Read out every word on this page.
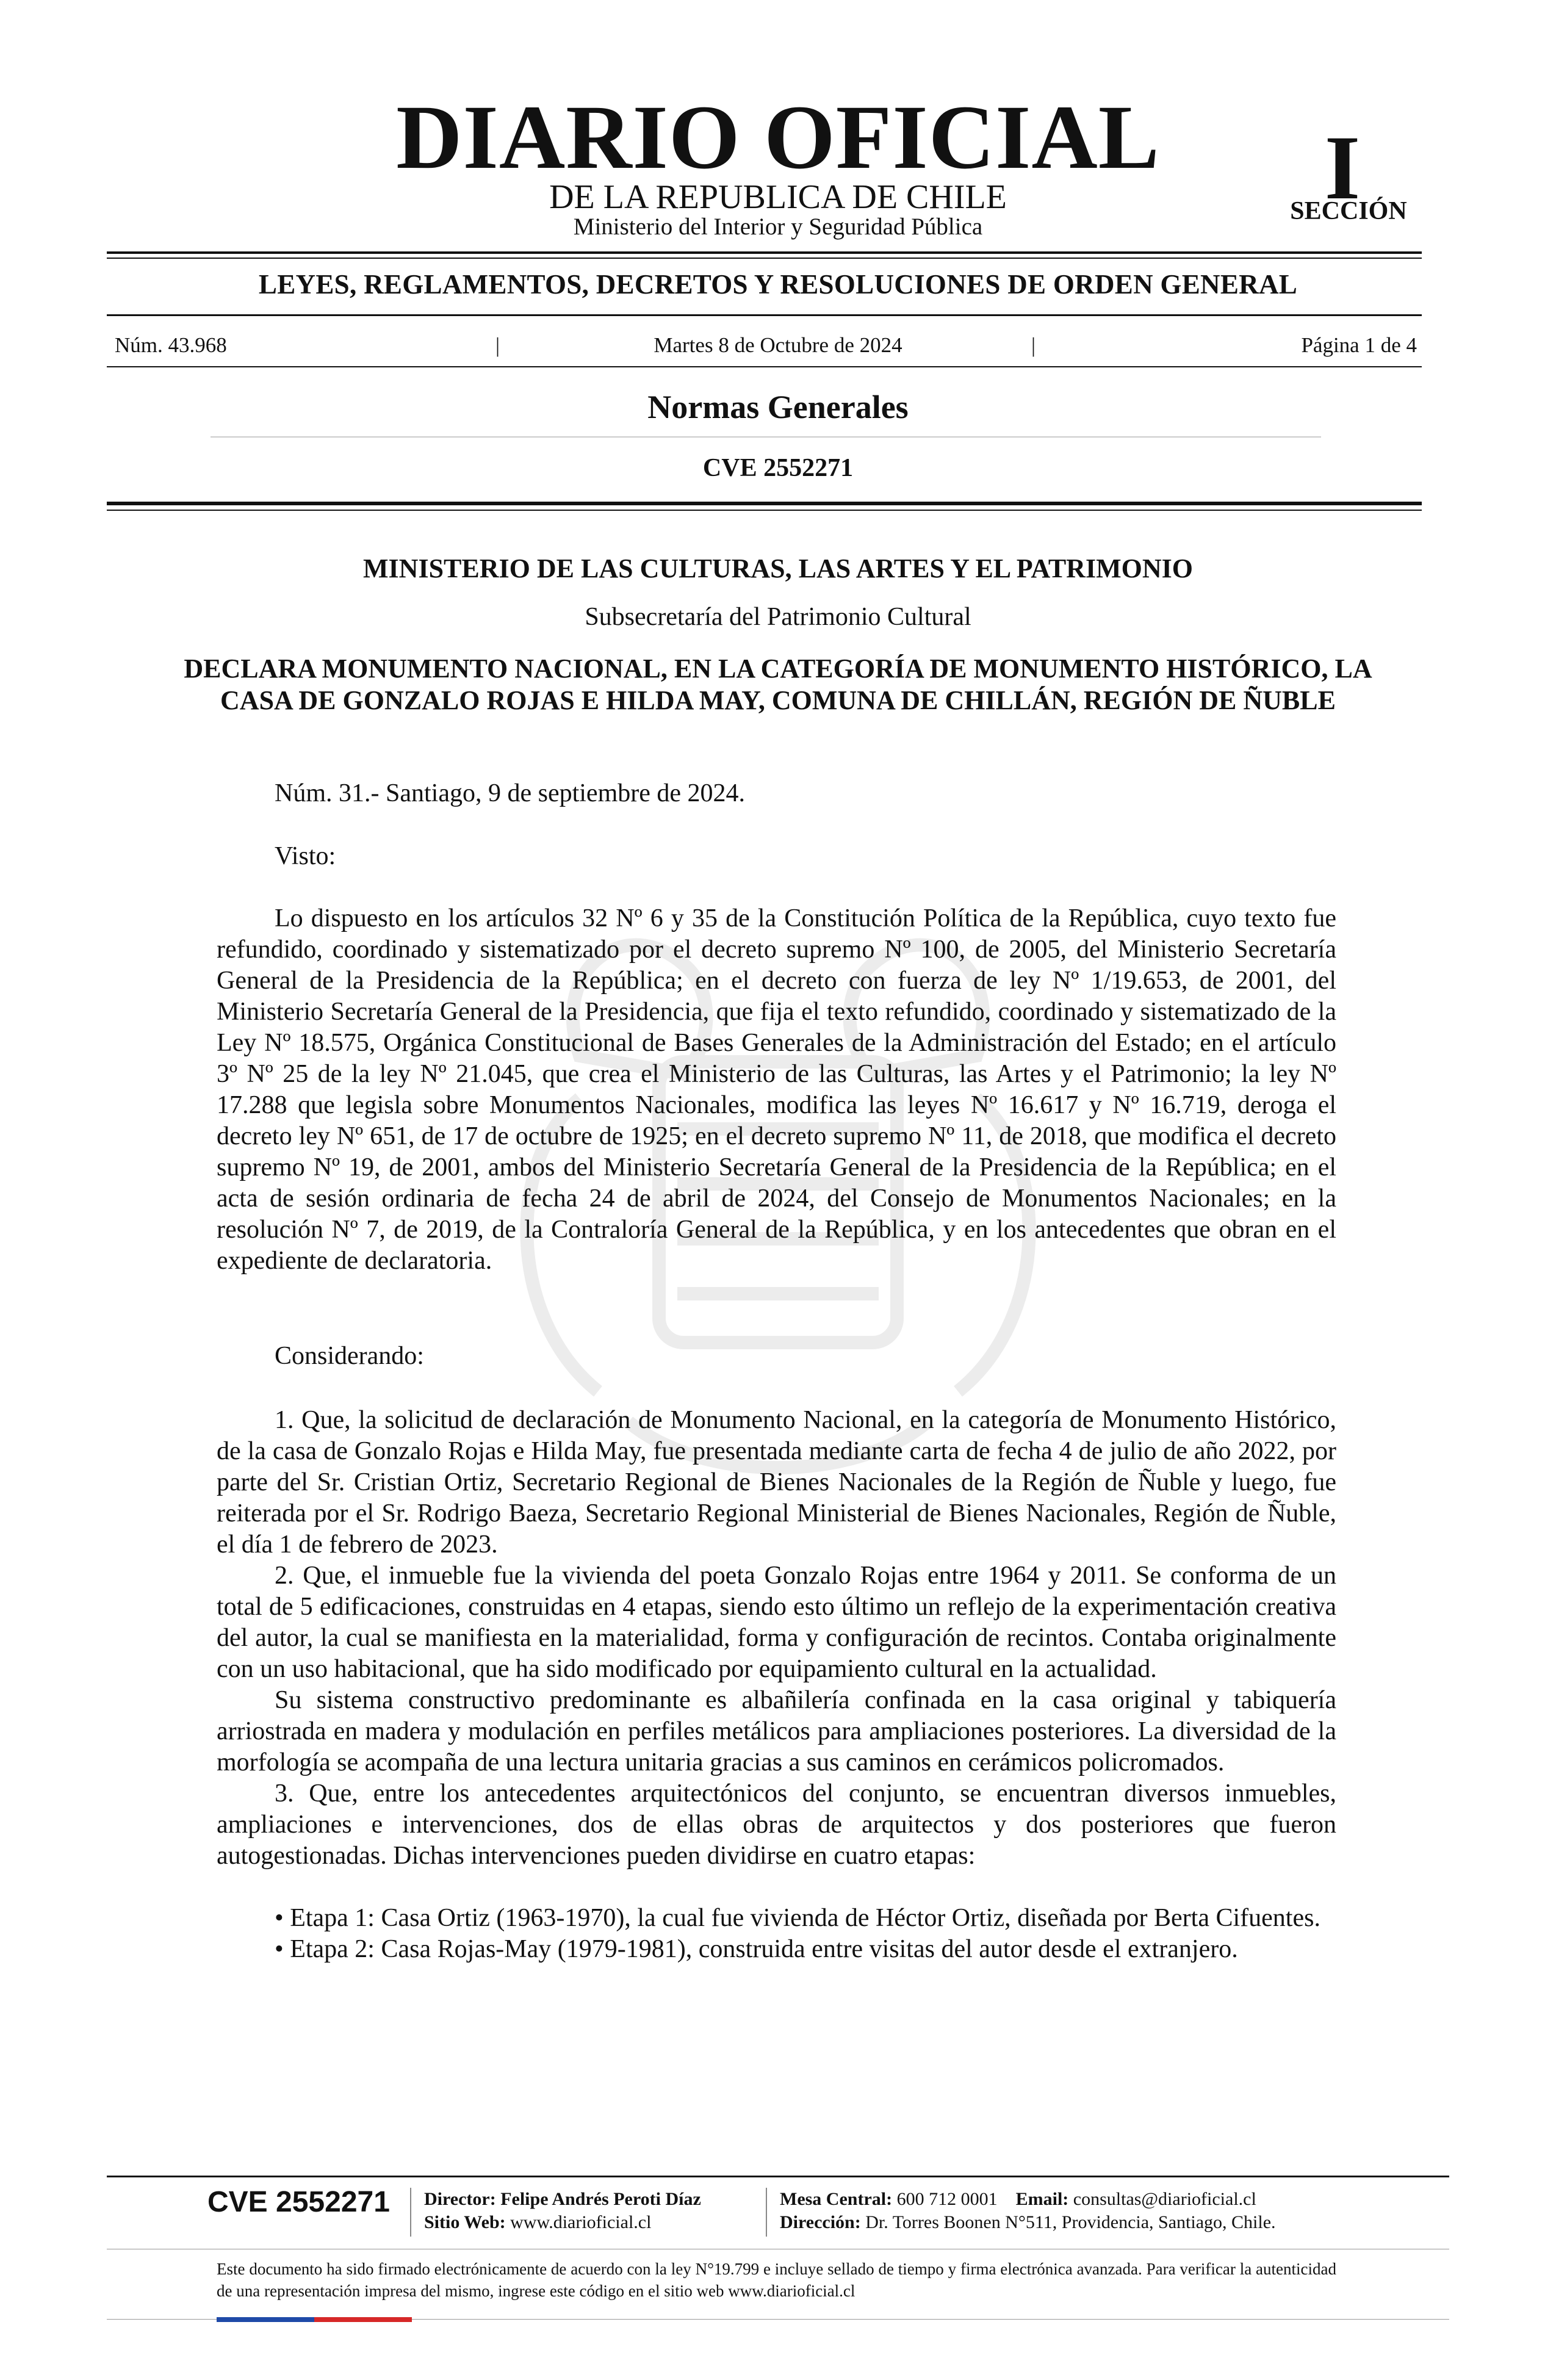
DIARIO OFICIAL
DE LA REPUBLICA DE CHILE
Ministerio del Interior y Seguridad Pública
I
SECCIÓN
LEYES, REGLAMENTOS, DECRETOS Y RESOLUCIONES DE ORDEN GENERAL
Núm. 43.968	|	Martes 8 de Octubre de 2024	|	Página 1 de 4
Normas Generales
CVE 2552271
MINISTERIO DE LAS CULTURAS, LAS ARTES Y EL PATRIMONIO
Subsecretaría del Patrimonio Cultural
DECLARA MONUMENTO NACIONAL, EN LA CATEGORÍA DE MONUMENTO HISTÓRICO, LA CASA DE GONZALO ROJAS E HILDA MAY, COMUNA DE CHILLÁN, REGIÓN DE ÑUBLE
Núm. 31.- Santiago, 9 de septiembre de 2024.
Visto:

Lo dispuesto en los artículos 32 Nº 6 y 35 de la Constitución Política de la República, cuyo texto fue refundido, coordinado y sistematizado por el decreto supremo Nº 100, de 2005, del Ministerio Secretaría General de la Presidencia de la República; en el decreto con fuerza de ley Nº 1/19.653, de 2001, del Ministerio Secretaría General de la Presidencia, que fija el texto refundido, coordinado y sistematizado de la Ley Nº 18.575, Orgánica Constitucional de Bases Generales de la Administración del Estado; en el artículo 3º Nº 25 de la ley Nº 21.045, que crea el Ministerio de las Culturas, las Artes y el Patrimonio; la ley Nº 17.288 que legisla sobre Monumentos Nacionales, modifica las leyes Nº 16.617 y Nº 16.719, deroga el decreto ley Nº 651, de 17 de octubre de 1925; en el decreto supremo Nº 11, de 2018, que modifica el decreto supremo Nº 19, de 2001, ambos del Ministerio Secretaría General de la Presidencia de la República; en el acta de sesión ordinaria de fecha 24 de abril de 2024, del Consejo de Monumentos Nacionales; en la resolución Nº 7, de 2019, de la Contraloría General de la República, y en los antecedentes que obran en el expediente de declaratoria.

Considerando:

1. Que, la solicitud de declaración de Monumento Nacional, en la categoría de Monumento Histórico, de la casa de Gonzalo Rojas e Hilda May, fue presentada mediante carta de fecha 4 de julio de año 2022, por parte del Sr. Cristian Ortiz, Secretario Regional de Bienes Nacionales de la Región de Ñuble y luego, fue reiterada por el Sr. Rodrigo Baeza, Secretario Regional Ministerial de Bienes Nacionales, Región de Ñuble, el día 1 de febrero de 2023.

2. Que, el inmueble fue la vivienda del poeta Gonzalo Rojas entre 1964 y 2011. Se conforma de un total de 5 edificaciones, construidas en 4 etapas, siendo esto último un reflejo de la experimentación creativa del autor, la cual se manifiesta en la materialidad, forma y configuración de recintos. Contaba originalmente con un uso habitacional, que ha sido modificado por equipamiento cultural en la actualidad.

Su sistema constructivo predominante es albañilería confinada en la casa original y tabiquería arriostrada en madera y modulación en perfiles metálicos para ampliaciones posteriores. La diversidad de la morfología se acompaña de una lectura unitaria gracias a sus caminos en cerámicos policromados.

3. Que, entre los antecedentes arquitectónicos del conjunto, se encuentran diversos inmuebles, ampliaciones e intervenciones, dos de ellas obras de arquitectos y dos posteriores que fueron autogestionadas. Dichas intervenciones pueden dividirse en cuatro etapas:

• Etapa 1: Casa Ortiz (1963-1970), la cual fue vivienda de Héctor Ortiz, diseñada por Berta Cifuentes.

• Etapa 2: Casa Rojas-May (1979-1981), construida entre visitas del autor desde el extranjero.

CVE 2552271	Director: Felipe Andrés Peroti Díaz
Sitio Web: www.diarioficial.cl
Mesa Central: 600 712 0001 Email: consultas@diarioficial.cl
Dirección: Dr. Torres Boonen N°511, Providencia, Santiago, Chile.
Este documento ha sido firmado electrónicamente de acuerdo con la ley N°19.799 e incluye sellado de tiempo y firma electrónica avanzada. Para verificar la autenticidad de una representación impresa del mismo, ingrese este código en el sitio web www.diarioficial.cl
